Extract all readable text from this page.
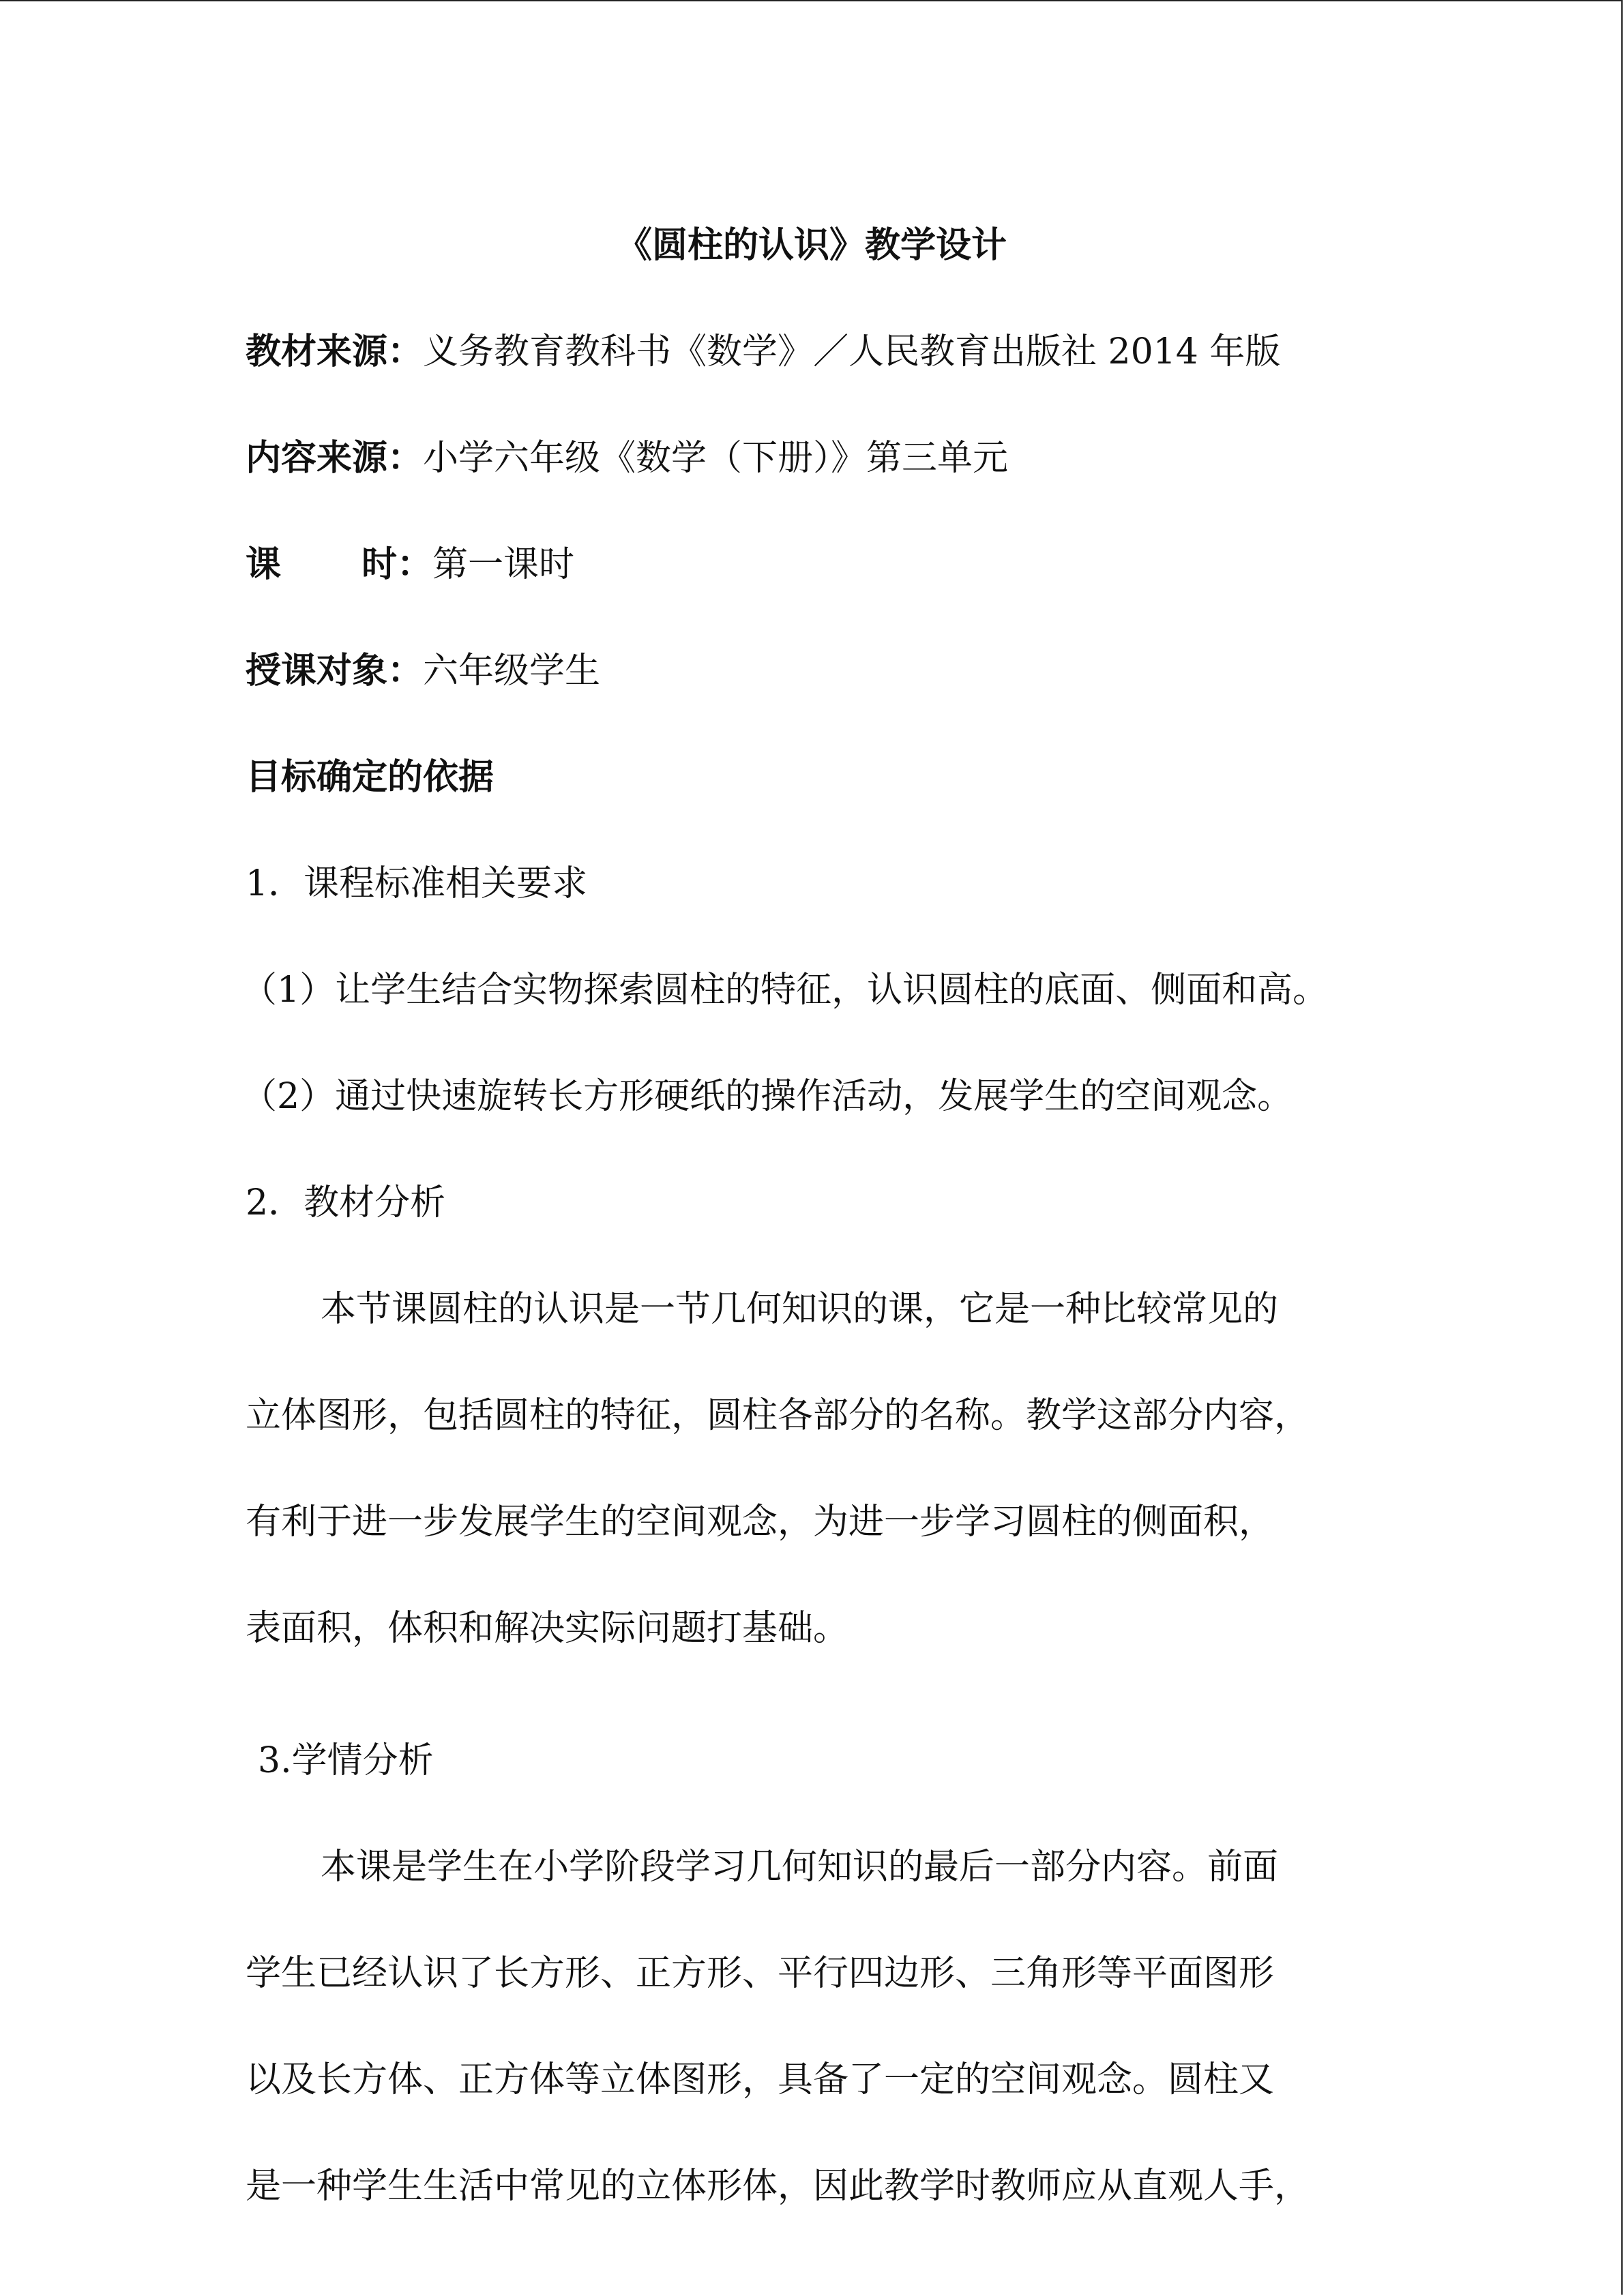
《圆柱的认识》教学设计
教材来源：义务教育教科书《数学》／人民教育出版社 2014 年版
内容来源：小学六年级《数学（下册）》第三单元
课 时：第一课时
授课对象：六年级学生
目标确定的依据
1．课程标准相关要求
（1）让学生结合实物探索圆柱的特征，认识圆柱的底面、侧面和高。
（2）通过快速旋转长方形硬纸的操作活动，发展学生的空间观念。
2．教材分析
本节课圆柱的认识是一节几何知识的课，它是一种比较常见的
立体图形，包括圆柱的特征，圆柱各部分的名称。教学这部分内容，
有利于进一步发展学生的空间观念，为进一步学习圆柱的侧面积，
表面积，体积和解决实际问题打基础。
3.学情分析
本课是学生在小学阶段学习几何知识的最后一部分内容。前面
学生已经认识了长方形、正方形、平行四边形、三角形等平面图形
以及长方体、正方体等立体图形，具备了一定的空间观念。圆柱又
是一种学生生活中常见的立体形体，因此教学时教师应从直观人手，
